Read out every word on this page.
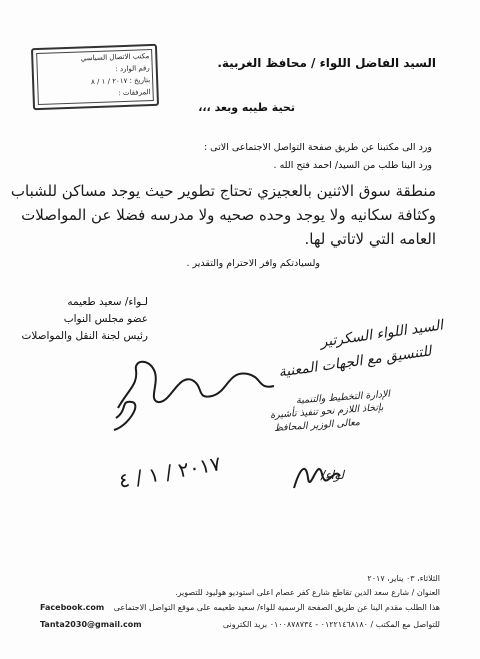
مكتب الاتصال السياسي
رقم الوارد :
بتاريخ : ٢٠١٧ / ١ / ٨
المرفقات :
السيد الفاضل اللواء / محافظ الغربية.
تحية طيبه وبعد ،،،
ورد الى مكتبنا عن طريق صفحة التواصل الاجتماعى الاتى :
ورد الينا طلب من السيد/ احمد فتح الله .
منطقة سوق الاثنين بالعجيزي تحتاج تطوير حيث يوجد مساكن للشباب
وكثافة سكانيه ولا يوجد وحده صحيه ولا مدرسه فضلا عن المواصلات
العامه التي لاتاتي لها.
ولسيادتكم وافر الاحترام والتقدير .
لـواء/ سعيد طعيمه
عضو مجلس النواب
رئيس لجنة النقل والمواصلات	السيد اللواء السكرتير
للتنسيق مع الجهات المعنية
الإدارة التخطيط والتنمية
بإتخاذ اللازم نحو تنفيذ تأشيرة
معالى الوزير المحافظ
لواء/
٢٠١٧ / ١ / ٤
الثلاثاء، ٠٣ يناير، ٢٠١٧
العنوان / شارع سعد الدين تقاطع شارع كفر عصام اعلى استوديو هوليود للتصوير.
Facebook.com هذا الطلب مقدم الينا عن طريق الصفحة الرسمية للواء/ سعيد طعيمه على موقع التواصل الاجتماعى
Tanta2030@gmail.com	للتواصل مع المكتب / ٠١٢٢١٤٦٨١٨٠ - ٠١٠٠٨٧٨٧٣٤ بريد الكترونى
